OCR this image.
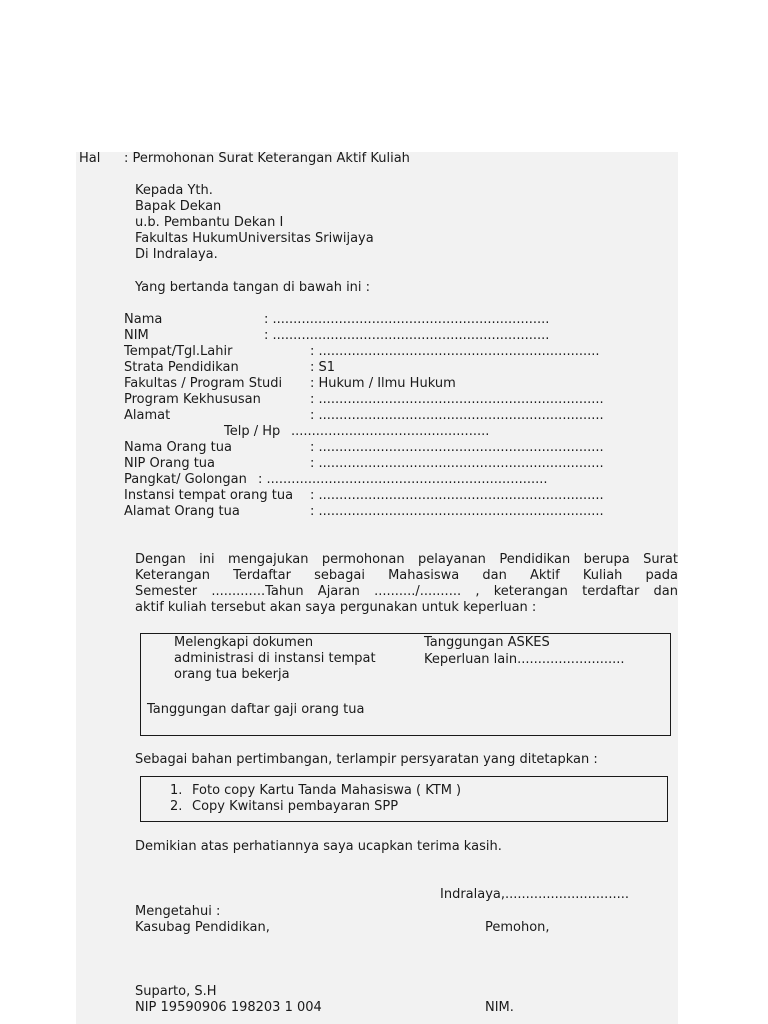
Hal : Permohonan Surat Keterangan Aktif Kuliah
Kepada Yth.
Bapak Dekan
u.b. Pembantu Dekan I
Fakultas HukumUniversitas Sriwijaya
Di Indralaya.
Yang bertanda tangan di bawah ini :
Nama	: ...................................................................
NIM	: ...................................................................
Tempat/Tgl.Lahir	: ....................................................................
Strata Pendidikan	: S1
Fakultas / Program Studi : Hukum / Ilmu Hukum
Program Kekhususan	: .....................................................................
Alamat	: .....................................................................
Telp / Hp ................................................
Nama Orang tua	: .....................................................................
NIP Orang tua	: .....................................................................
Pangkat/ Golongan : ....................................................................
Instansi tempat orang tua : .....................................................................
Alamat Orang tua	: .....................................................................
Dengan ini mengajukan permohonan pelayanan Pendidikan berupa Surat
Keterangan Terdaftar sebagai Mahasiswa dan Aktif Kuliah pada
Semester .............Tahun Ajaran ........../.......... , keterangan terdaftar dan
aktif kuliah tersebut akan saya pergunakan untuk keperluan :
Melengkapi dokumen
administrasi di instansi tempat
orang tua bekerja
Tanggungan ASKES
Keperluan lain..........................
Tanggungan daftar gaji orang tua
Sebagai bahan pertimbangan, terlampir persyaratan yang ditetapkan :
1. Foto copy Kartu Tanda Mahasiswa ( KTM )
2. Copy Kwitansi pembayaran SPP
Demikian atas perhatiannya saya ucapkan terima kasih.
Indralaya,..............................
Mengetahui :
Kasubag Pendidikan,	Pemohon,
Suparto, S.H
NIP 19590906 198203 1 004	NIM.
